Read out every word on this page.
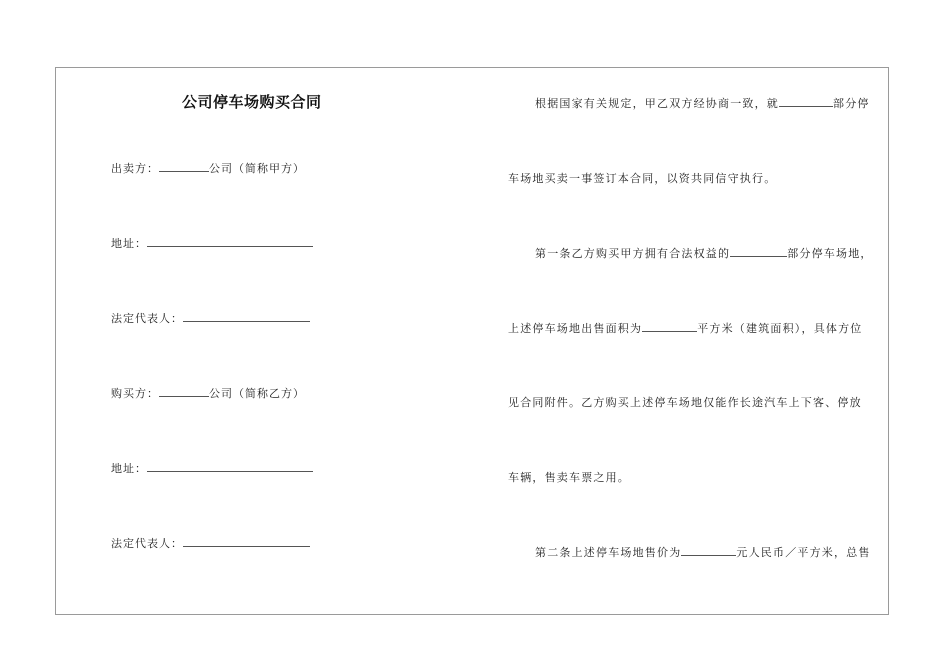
公司停车场购买合同
出卖方：	公司（简称甲方）
地址：
法定代表人：
购买方：	公司（简称乙方）
地址：
法定代表人：
根据国家有关规定，甲乙双方经协商一致，就	部分停
车场地买卖一事签订本合同，以资共同信守执行。
第一条乙方购买甲方拥有合法权益的	部分停车场地，
上述停车场地出售面积为	平方米（建筑面积），具体方位
见合同附件。乙方购买上述停车场地仅能作长途汽车上下客、停放
车辆，售卖车票之用。
第二条上述停车场地售价为	元人民币／平方米，总售
